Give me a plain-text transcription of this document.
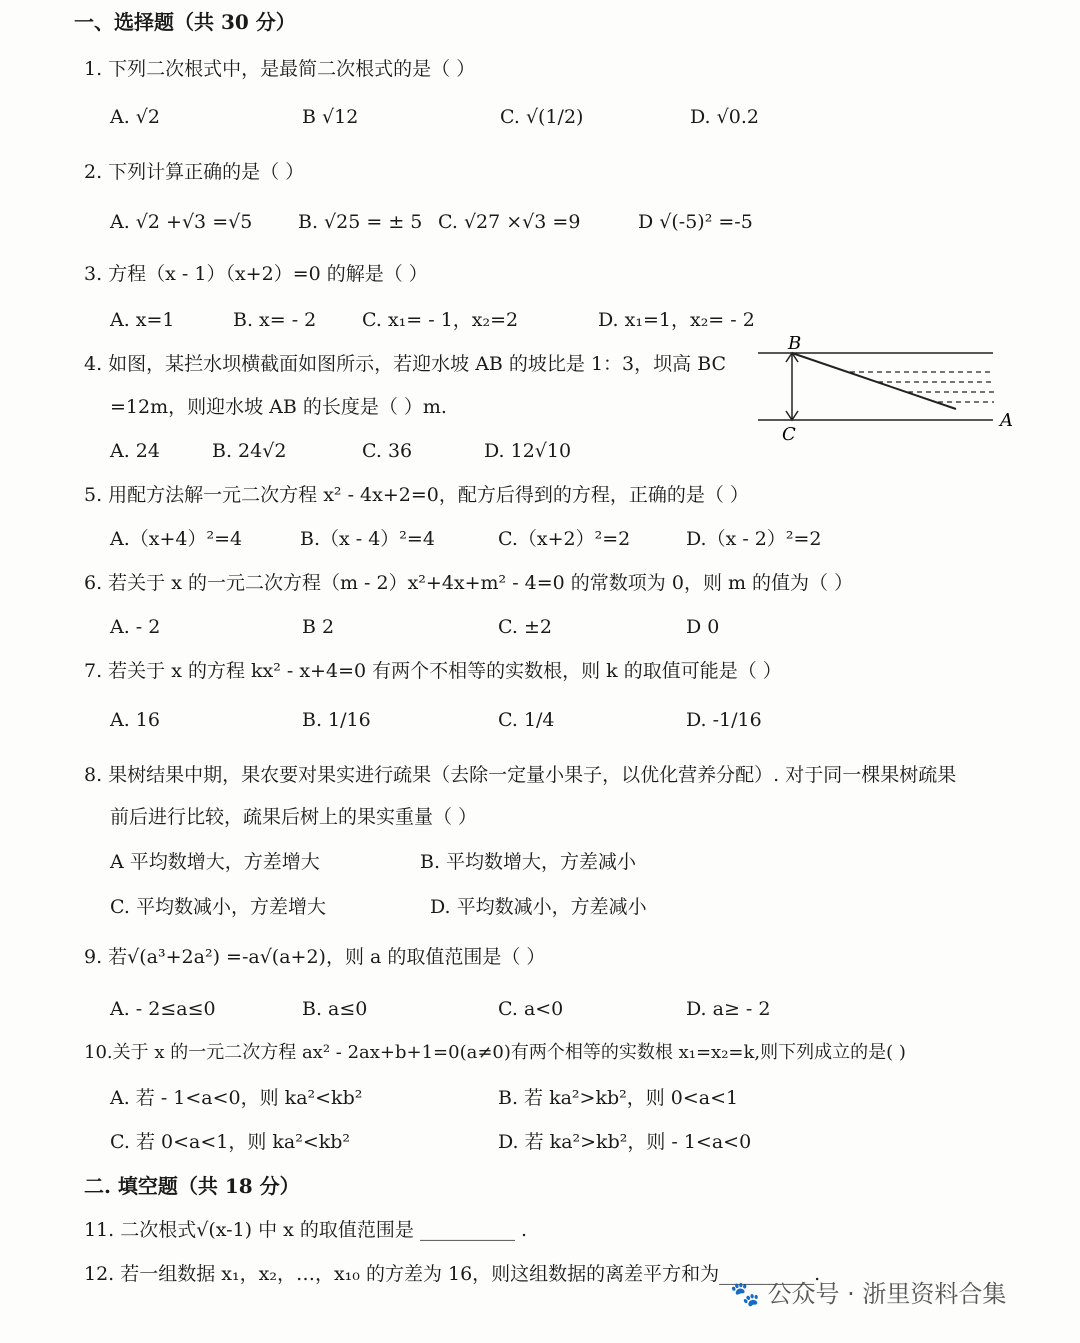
一、选择题（共 30 分）
1. 下列二次根式中，是最简二次根式的是（ ）
A. √2	B √12	C. √(1/2)	D. √0.2
2. 下列计算正确的是（ ）
A. √2 +√3 =√5 B. √25 = ± 5 C. √27 ×√3 =9	D √(-5)² =-5
3. 方程（x - 1）（x+2）=0 的解是（ ）
A. x=1	B. x= - 2 C. x₁= - 1，x₂=2	D. x₁=1，x₂= - 2
4. 如图，某拦水坝横截面如图所示，若迎水坡 AB 的坡比是 1：3，坝高 BC
=12m，则迎水坡 AB 的长度是（ ）m.
A. 24	B. 24√2	C. 36	D. 12√10
B
C
A
5. 用配方法解一元二次方程 x² - 4x+2=0，配方后得到的方程，正确的是（ ）
A.（x+4）²=4	B.（x - 4）²=4	C.（x+2）²=2	D.（x - 2）²=2
6. 若关于 x 的一元二次方程（m - 2）x²+4x+m² - 4=0 的常数项为 0，则 m 的值为（ ）
A. - 2	B 2	C. ±2	D 0
7. 若关于 x 的方程 kx² - x+4=0 有两个不相等的实数根，则 k 的取值可能是（ ）
A. 16	B. 1/16	C. 1/4	D. -1/16
8. 果树结果中期，果农要对果实进行疏果（去除一定量小果子，以优化营养分配）. 对于同一棵果树疏果
前后进行比较，疏果后树上的果实重量（ ）
A 平均数增大，方差增大	B. 平均数增大，方差减小
C. 平均数减小，方差增大	D. 平均数减小，方差减小
9. 若√(a³+2a²) =-a√(a+2)，则 a 的取值范围是（ ）
A. - 2≤a≤0	B. a≤0	C. a<0	D. a≥ - 2
10.关于 x 的一元二次方程 ax² - 2ax+b+1=0(a≠0)有两个相等的实数根 x₁=x₂=k,则下列成立的是( )
A. 若 - 1<a<0，则 ka²<kb²	B. 若 ka²>kb²，则 0<a<1
C. 若 0<a<1，则 ka²<kb²	D. 若 ka²>kb²，则 - 1<a<0
二. 填空题（共 18 分）
11. 二次根式√(x-1) 中 x 的取值范围是 __________ .
12. 若一组数据 x₁，x₂，…，x₁₀ 的方差为 16，则这组数据的离差平方和为__________.
🐾 公众号 · 浙里资料合集
